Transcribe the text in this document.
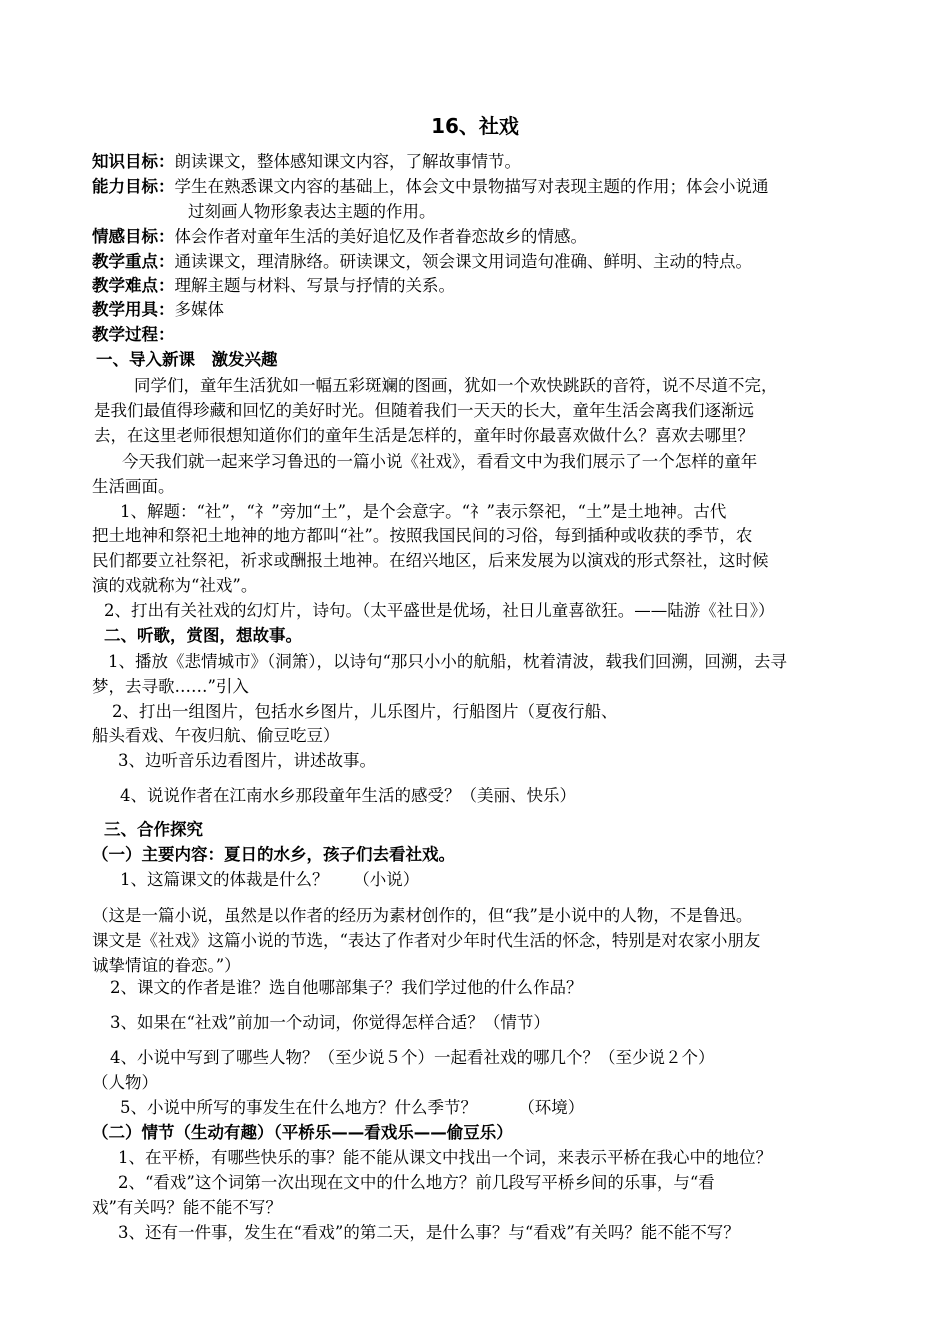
16、社戏
知识目标：朗读课文，整体感知课文内容，了解故事情节。
能力目标：学生在熟悉课文内容的基础上，体会文中景物描写对表现主题的作用；体会小说通
过刻画人物形象表达主题的作用。
情感目标：体会作者对童年生活的美好追忆及作者眷恋故乡的情感。
教学重点：通读课文，理清脉络。研读课文，领会课文用词造句准确、鲜明、主动的特点。
教学难点：理解主题与材料、写景与抒情的关系。
教学用具：多媒体
教学过程：
一、导入新课　激发兴趣
同学们，童年生活犹如一幅五彩斑斓的图画，犹如一个欢快跳跃的音符，说不尽道不完，
是我们最值得珍藏和回忆的美好时光。但随着我们一天天的长大，童年生活会离我们逐渐远
去，在这里老师很想知道你们的童年生活是怎样的，童年时你最喜欢做什么？喜欢去哪里？
今天我们就一起来学习鲁迅的一篇小说《社戏》，看看文中为我们展示了一个怎样的童年
生活画面。
1、解题：“社”，“礻”旁加“土”，是个会意字。“礻”表示祭祀，“土”是土地神。古代
把土地神和祭祀土地神的地方都叫“社”。按照我国民间的习俗，每到插种或收获的季节，农
民们都要立社祭祀，祈求或酬报土地神。在绍兴地区，后来发展为以演戏的形式祭社，这时候
演的戏就称为“社戏”。
2、打出有关社戏的幻灯片，诗句。（太平盛世是优场，社日儿童喜欲狂。——陆游《社日》）
二、听歌，赏图，想故事。
1、播放《悲情城市》（洞箫），以诗句“那只小小的航船，枕着清波，载我们回溯，回溯，去寻
梦，去寻歌……”引入
2、打出一组图片，包括水乡图片，儿乐图片，行船图片（夏夜行船、
船头看戏、午夜归航、偷豆吃豆）
3、边听音乐边看图片，讲述故事。
4、说说作者在江南水乡那段童年生活的感受？（美丽、快乐）
三、合作探究
（一）主要内容：夏日的水乡，孩子们去看社戏。
1、这篇课文的体裁是什么？　　（小说）
（这是一篇小说，虽然是以作者的经历为素材创作的，但“我”是小说中的人物，不是鲁迅。
课文是《社戏》这篇小说的节选，“表达了作者对少年时代生活的怀念，特别是对农家小朋友
诚挚情谊的眷恋。”）
2、课文的作者是谁？选自他哪部集子？我们学过他的什么作品？
3、如果在“社戏”前加一个动词，你觉得怎样合适？（情节）
4、小说中写到了哪些人物？（至少说５个）一起看社戏的哪几个？（至少说２个）
（人物）
5、小说中所写的事发生在什么地方？什么季节？　　　（环境）
（二）情节（生动有趣）（平桥乐——看戏乐——偷豆乐）
1、在平桥，有哪些快乐的事？能不能从课文中找出一个词，来表示平桥在我心中的地位？
2、“看戏”这个词第一次出现在文中的什么地方？前几段写平桥乡间的乐事，与“看
戏”有关吗？能不能不写？
3、还有一件事，发生在“看戏”的第二天，是什么事？与“看戏”有关吗？能不能不写？
